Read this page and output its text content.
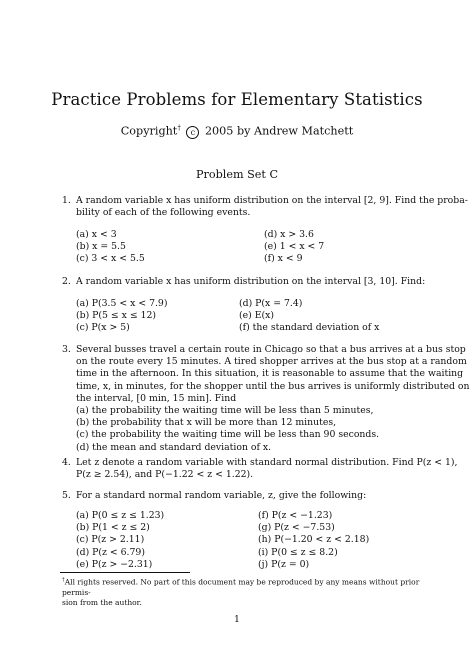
Practice Problems for Elementary Statistics
Copyright† c 2005 by Andrew Matchett
Problem Set C
1. A random variable x has uniform distribution on the interval [2, 9]. Find the proba-
bility of each of the following events.
(a) x < 3
(b) x = 5.5
(c) 3 < x < 5.5
(d) x > 3.6
(e) 1 < x < 7
(f) x < 9
2. A random variable x has uniform distribution on the interval [3, 10]. Find:
(a) P(3.5 < x < 7.9)
(b) P(5 ≤ x ≤ 12)
(c) P(x > 5)
(d) P(x = 7.4)
(e) E(x)
(f) the standard deviation of x
3. Several busses travel a certain route in Chicago so that a bus arrives at a bus stop
on the route every 15 minutes. A tired shopper arrives at the bus stop at a random
time in the afternoon. In this situation, it is reasonable to assume that the waiting
time, x, in minutes, for the shopper until the bus arrives is uniformly distributed on
the interval, [0 min, 15 min]. Find
(a) the probability the waiting time will be less than 5 minutes,
(b) the probability that x will be more than 12 minutes,
(c) the probability the waiting time will be less than 90 seconds.
(d) the mean and standard deviation of x.
4. Let z denote a random variable with standard normal distribution. Find P(z < 1),
P(z ≥ 2.54), and P(−1.22 < z < 1.22).
5. For a standard normal random variable, z, give the following:
(a) P(0 ≤ z ≤ 1.23)
(b) P(1 < z ≤ 2)
(c) P(z > 2.11)
(d) P(z < 6.79)
(e) P(z > −2.31)
(f) P(z < −1.23)
(g) P(z < −7.53)
(h) P(−1.20 < z < 2.18)
(i) P(0 ≤ z ≤ 8.2)
(j) P(z = 0)
†All rights reserved. No part of this document may be reproduced by any means without prior permis-
sion from the author.
1
